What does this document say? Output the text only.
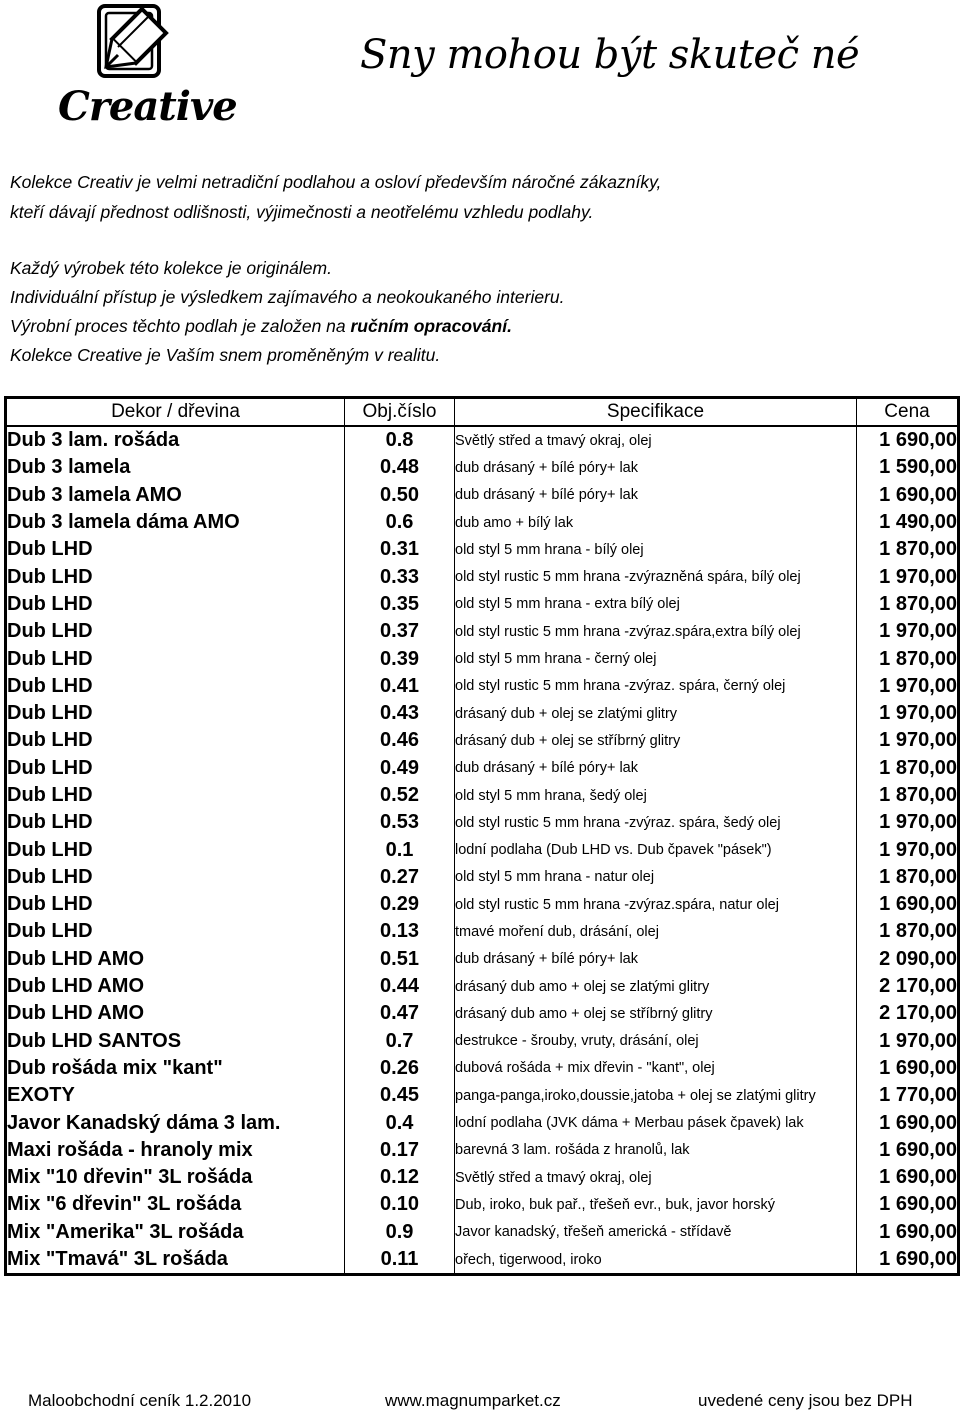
Creative
Sny mohou být skuteč né
Kolekce Creativ je velmi netradiční podlahou a osloví především náročné zákazníky,
kteří dávají přednost odlišnosti, výjimečnosti a neotřelému vzhledu podlahy.
Každý výrobek této kolekce je originálem.
Individuální přístup je výsledkem zajímavého a neokoukaného interieru.
Výrobní proces těchto podlah je založen na ručním opracování.
Kolekce Creative je Vaším snem proměněným v realitu.
Dekor / dřevina	Obj.číslo	Specifikace	Cena
Dub 3 lam. rošáda	0.8	Světlý střed a tmavý okraj, olej	1 690,00
Dub 3 lamela	0.48	dub drásaný + bílé póry+ lak	1 590,00
Dub 3 lamela AMO	0.50	dub drásaný + bílé póry+ lak	1 690,00
Dub 3 lamela dáma AMO	0.6	dub amo + bílý lak	1 490,00
Dub LHD	0.31	old styl 5 mm hrana - bílý olej	1 870,00
Dub LHD	0.33	old styl rustic 5 mm hrana -zvýrazněná spára, bílý olej	1 970,00
Dub LHD	0.35	old styl 5 mm hrana - extra bílý olej	1 870,00
Dub LHD	0.37	old styl rustic 5 mm hrana -zvýraz.spára,extra bílý olej	1 970,00
Dub LHD	0.39	old styl 5 mm hrana - černý olej	1 870,00
Dub LHD	0.41	old styl rustic 5 mm hrana -zvýraz. spára, černý olej	1 970,00
Dub LHD	0.43	drásaný dub + olej se zlatými glitry	1 970,00
Dub LHD	0.46	drásaný dub + olej se stříbrný glitry	1 970,00
Dub LHD	0.49	dub drásaný + bílé póry+ lak	1 870,00
Dub LHD	0.52	old styl 5 mm hrana, šedý olej	1 870,00
Dub LHD	0.53	old styl rustic 5 mm hrana -zvýraz. spára, šedý olej	1 970,00
Dub LHD	0.1	lodní podlaha (Dub LHD vs. Dub čpavek "pásek")	1 970,00
Dub LHD	0.27	old styl 5 mm hrana - natur olej	1 870,00
Dub LHD	0.29	old styl rustic 5 mm hrana -zvýraz.spára, natur olej	1 690,00
Dub LHD	0.13	tmavé moření dub, drásání, olej	1 870,00
Dub LHD AMO	0.51	dub drásaný + bílé póry+ lak	2 090,00
Dub LHD AMO	0.44	drásaný dub amo + olej se zlatými glitry	2 170,00
Dub LHD AMO	0.47	drásaný dub amo + olej se stříbrný glitry	2 170,00
Dub LHD SANTOS	0.7	destrukce - šrouby, vruty, drásání, olej	1 970,00
Dub rošáda mix "kant"	0.26	dubová rošáda + mix dřevin - "kant", olej	1 690,00
EXOTY	0.45	panga-panga,iroko,doussie,jatoba + olej se zlatými glitry	1 770,00
Javor Kanadský dáma 3 lam.	0.4	lodní podlaha (JVK dáma + Merbau pásek čpavek) lak	1 690,00
Maxi rošáda - hranoly mix	0.17	barevná 3 lam. rošáda z hranolů, lak	1 690,00
Mix "10 dřevin" 3L rošáda	0.12	Světlý střed a tmavý okraj, olej	1 690,00
Mix "6 dřevin" 3L rošáda	0.10	Dub, iroko, buk pař., třešeň evr., buk, javor horský	1 690,00
Mix "Amerika" 3L rošáda	0.9	Javor kanadský, třešeň americká - střídavě	1 690,00
Mix "Tmavá" 3L rošáda	0.11	ořech, tigerwood, iroko	1 690,00
Maloobchodní ceník 1.2.2010	www.magnumparket.cz	uvedené ceny jsou bez DPH
